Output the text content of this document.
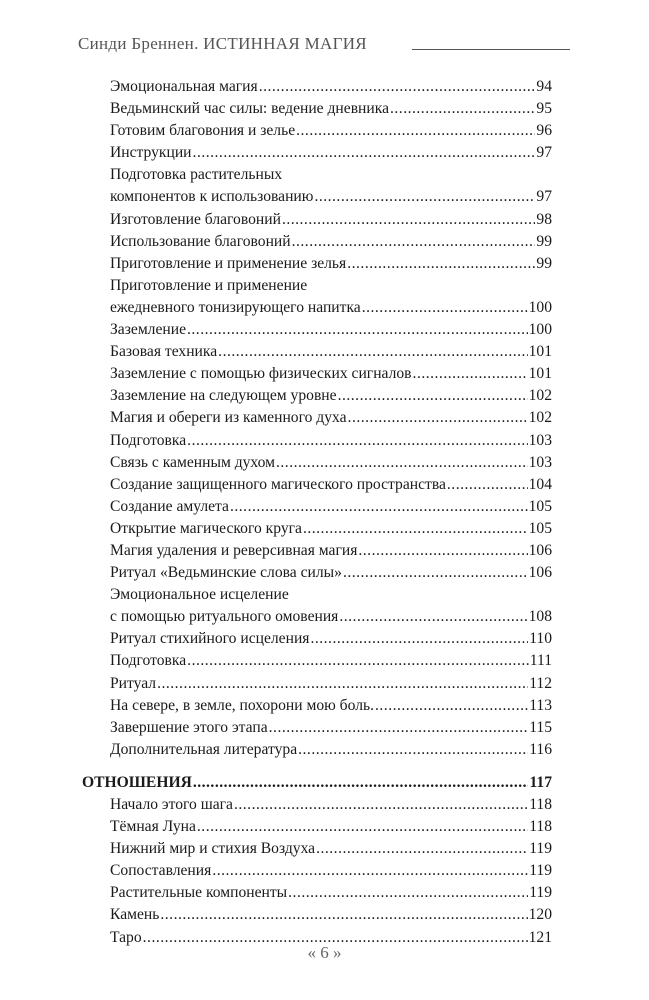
Синди Бреннен. ИСТИННАЯ МАГИЯ
Эмоциональная магия . . .	94
Ведьминский час силы: ведение дневника . . .	95
Готовим благовония и зелье . . .	96
Инструкции . . .	97
Подготовка растительных
компонентов к использованию . . .	97
Изготовление благовоний . . .	98
Использование благовоний . . .	99
Приготовление и применение зелья . . .	99
Приготовление и применение
ежедневного тонизирующего напитка . . .	100
Заземление . . .	100
Базовая техника . . .	101
Заземление с помощью физических сигналов . . .	101
Заземление на следующем уровне . . .	102
Магия и обереги из каменного духа . . .	102
Подготовка . . .	103
Связь с каменным духом . . .	103
Создание защищенного магического пространства . . .	104
Создание амулета . . .	105
Открытие магического круга . . .	105
Магия удаления и реверсивная магия . . .	106
Ритуал «Ведьминские слова силы» . . .	106
Эмоциональное исцеление
с помощью ритуального омовения . . .	108
Ритуал стихийного исцеления . . .	110
Подготовка . . .	111
Ритуал . . .	112
На севере, в земле, похорони мою боль. . . .	113
Завершение этого этапа . . .	115
Дополнительная литература . . .	116
ОТНОШЕНИЯ . . .	117
Начало этого шага . . .	118
Тёмная Луна . . .	118
Нижний мир и стихия Воздуха . . .	119
Сопоставления . . .	119
Растительные компоненты . . .	119
Камень . . .	120
Таро . . .	121
« 6 »
